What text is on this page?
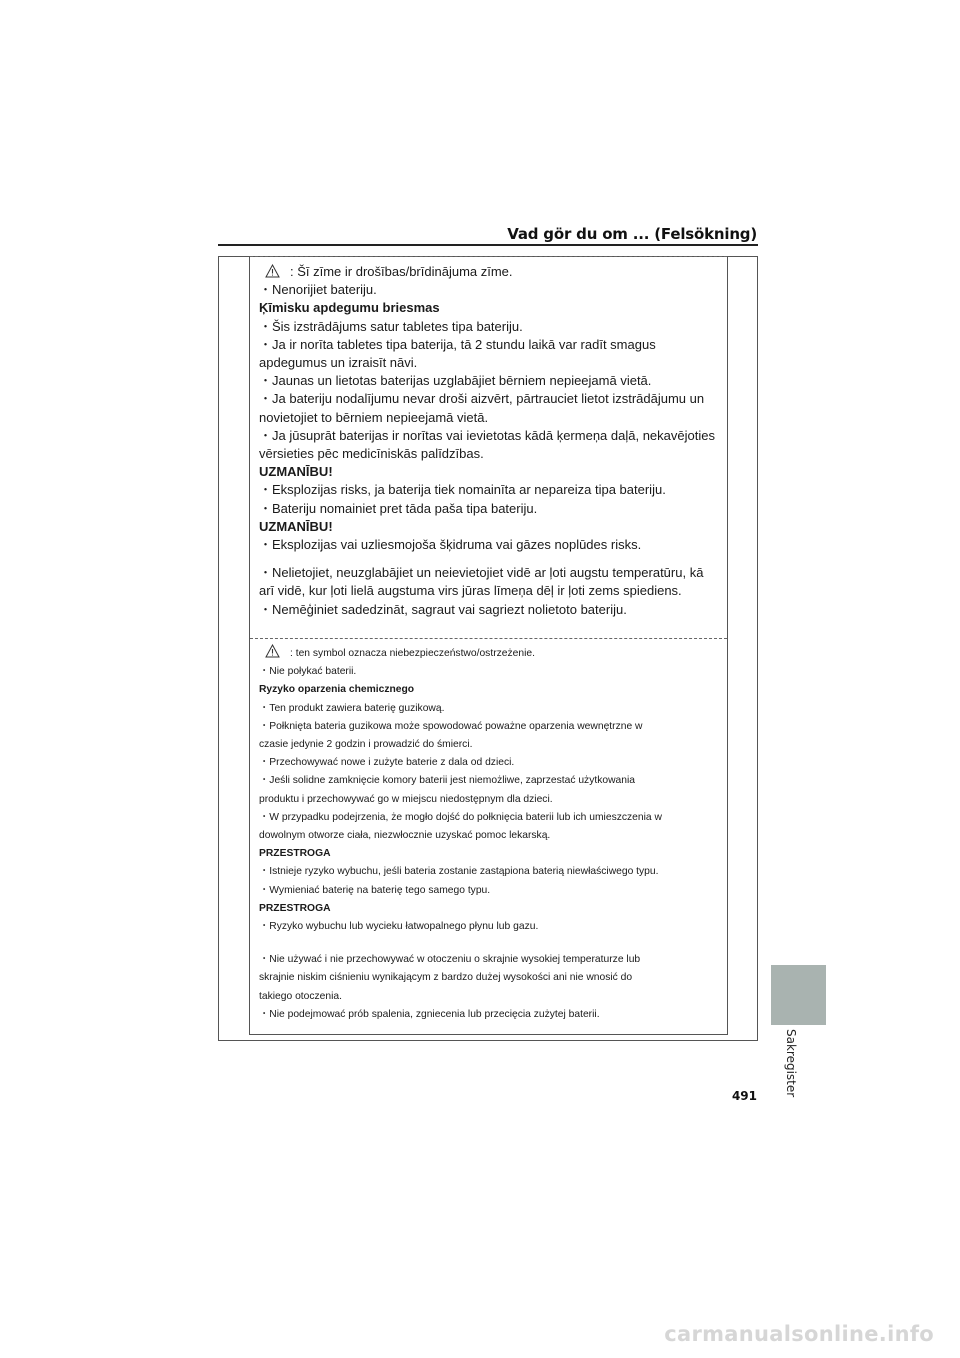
Vad gör du om ... (Felsökning)
: Šī zīme ir drošības/brīdinājuma zīme.
・Nenorijiet bateriju.
Ķīmisku apdegumu briesmas
・Šis izstrādājums satur tabletes tipa bateriju.
・Ja ir norīta tabletes tipa baterija, tā 2 stundu laikā var radīt smagus
apdegumus un izraisīt nāvi.
・Jaunas un lietotas baterijas uzglabājiet bērniem nepieejamā vietā.
・Ja bateriju nodalījumu nevar droši aizvērt, pārtrauciet lietot izstrādājumu un
novietojiet to bērniem nepieejamā vietā.
・Ja jūsuprāt baterijas ir norītas vai ievietotas kādā ķermeņa daļā, nekavējoties
vērsieties pēc medicīniskās palīdzības.
UZMANĪBU!
・Eksplozijas risks, ja baterija tiek nomainīta ar nepareiza tipa bateriju.
・Bateriju nomainiet pret tāda paša tipa bateriju.
UZMANĪBU!
・Eksplozijas vai uzliesmojoša šķidruma vai gāzes noplūdes risks.
・Nelietojiet, neuzglabājiet un neievietojiet vidē ar ļoti augstu temperatūru, kā
arī vidē, kur ļoti lielā augstuma virs jūras līmeņa dēļ ir ļoti zems spiediens.
・Nemēģiniet sadedzināt, sagraut vai sagriezt nolietoto bateriju.
: ten symbol oznacza niebezpieczeństwo/ostrzeżenie.
・Nie połykać baterii.
Ryzyko oparzenia chemicznego
・Ten produkt zawiera baterię guzikową.
・Połknięta bateria guzikowa może spowodować poważne oparzenia wewnętrzne w
czasie jedynie 2 godzin i prowadzić do śmierci.
・Przechowywać nowe i zużyte baterie z dala od dzieci.
・Jeśli solidne zamknięcie komory baterii jest niemożliwe, zaprzestać użytkowania
produktu i przechowywać go w miejscu niedostępnym dla dzieci.
・W przypadku podejrzenia, że mogło dojść do połknięcia baterii lub ich umieszczenia w
dowolnym otworze ciała, niezwłocznie uzyskać pomoc lekarską.
PRZESTROGA
・Istnieje ryzyko wybuchu, jeśli bateria zostanie zastąpiona baterią niewłaściwego typu.
・Wymieniać baterię na baterię tego samego typu.
PRZESTROGA
・Ryzyko wybuchu lub wycieku łatwopalnego płynu lub gazu.
・Nie używać i nie przechowywać w otoczeniu o skrajnie wysokiej temperaturze lub
skrajnie niskim ciśnieniu wynikającym z bardzo dużej wysokości ani nie wnosić do
takiego otoczenia.
・Nie podejmować prób spalenia, zgniecenia lub przecięcia zużytej baterii.
Sakregister
491
carmanualsonline.info
